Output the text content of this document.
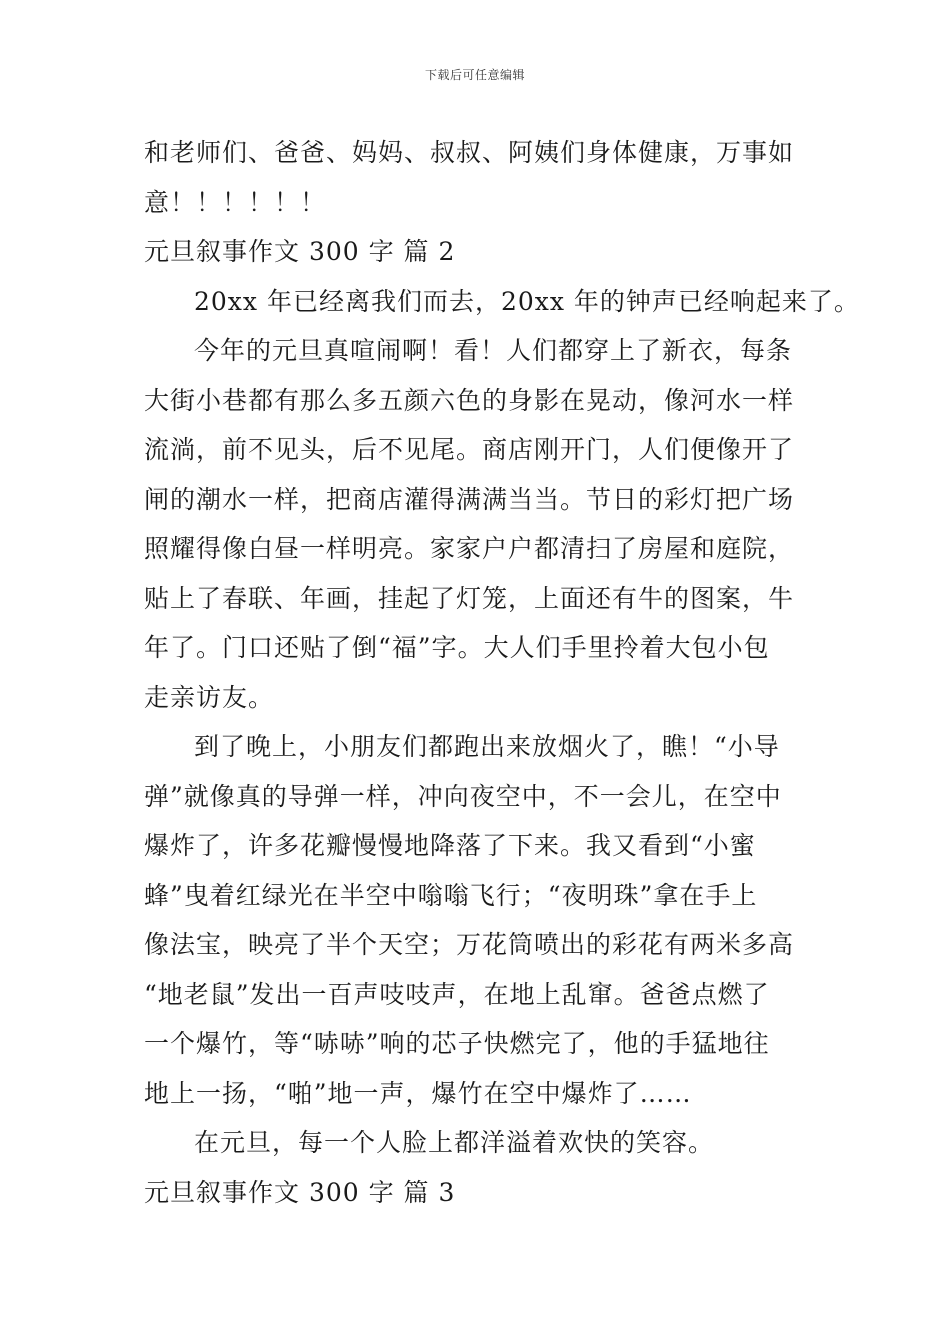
下载后可任意编辑
和老师们、爸爸、妈妈、叔叔、阿姨们身体健康，万事如
意！！！！！！
元旦叙事作文 300 字 篇 2
20xx 年已经离我们而去，20xx 年的钟声已经响起来了。
今年的元旦真喧闹啊！看！人们都穿上了新衣，每条
大街小巷都有那么多五颜六色的身影在晃动，像河水一样
流淌，前不见头，后不见尾。商店刚开门，人们便像开了
闸的潮水一样，把商店灌得满满当当。节日的彩灯把广场
照耀得像白昼一样明亮。家家户户都清扫了房屋和庭院，
贴上了春联、年画，挂起了灯笼，上面还有牛的图案，牛
年了。门口还贴了倒“福”字。大人们手里拎着大包小包
走亲访友。
到了晚上，小朋友们都跑出来放烟火了，瞧！“小导
弹”就像真的导弹一样，冲向夜空中，不一会儿，在空中
爆炸了，许多花瓣慢慢地降落了下来。我又看到“小蜜
蜂”曳着红绿光在半空中嗡嗡飞行；“夜明珠”拿在手上
像法宝，映亮了半个天空；万花筒喷出的彩花有两米多高
“地老鼠”发出一百声吱吱声，在地上乱窜。爸爸点燃了
一个爆竹，等“哧哧”响的芯子快燃完了，他的手猛地往
地上一扬，“啪”地一声，爆竹在空中爆炸了……
在元旦，每一个人脸上都洋溢着欢快的笑容。
元旦叙事作文 300 字 篇 3
